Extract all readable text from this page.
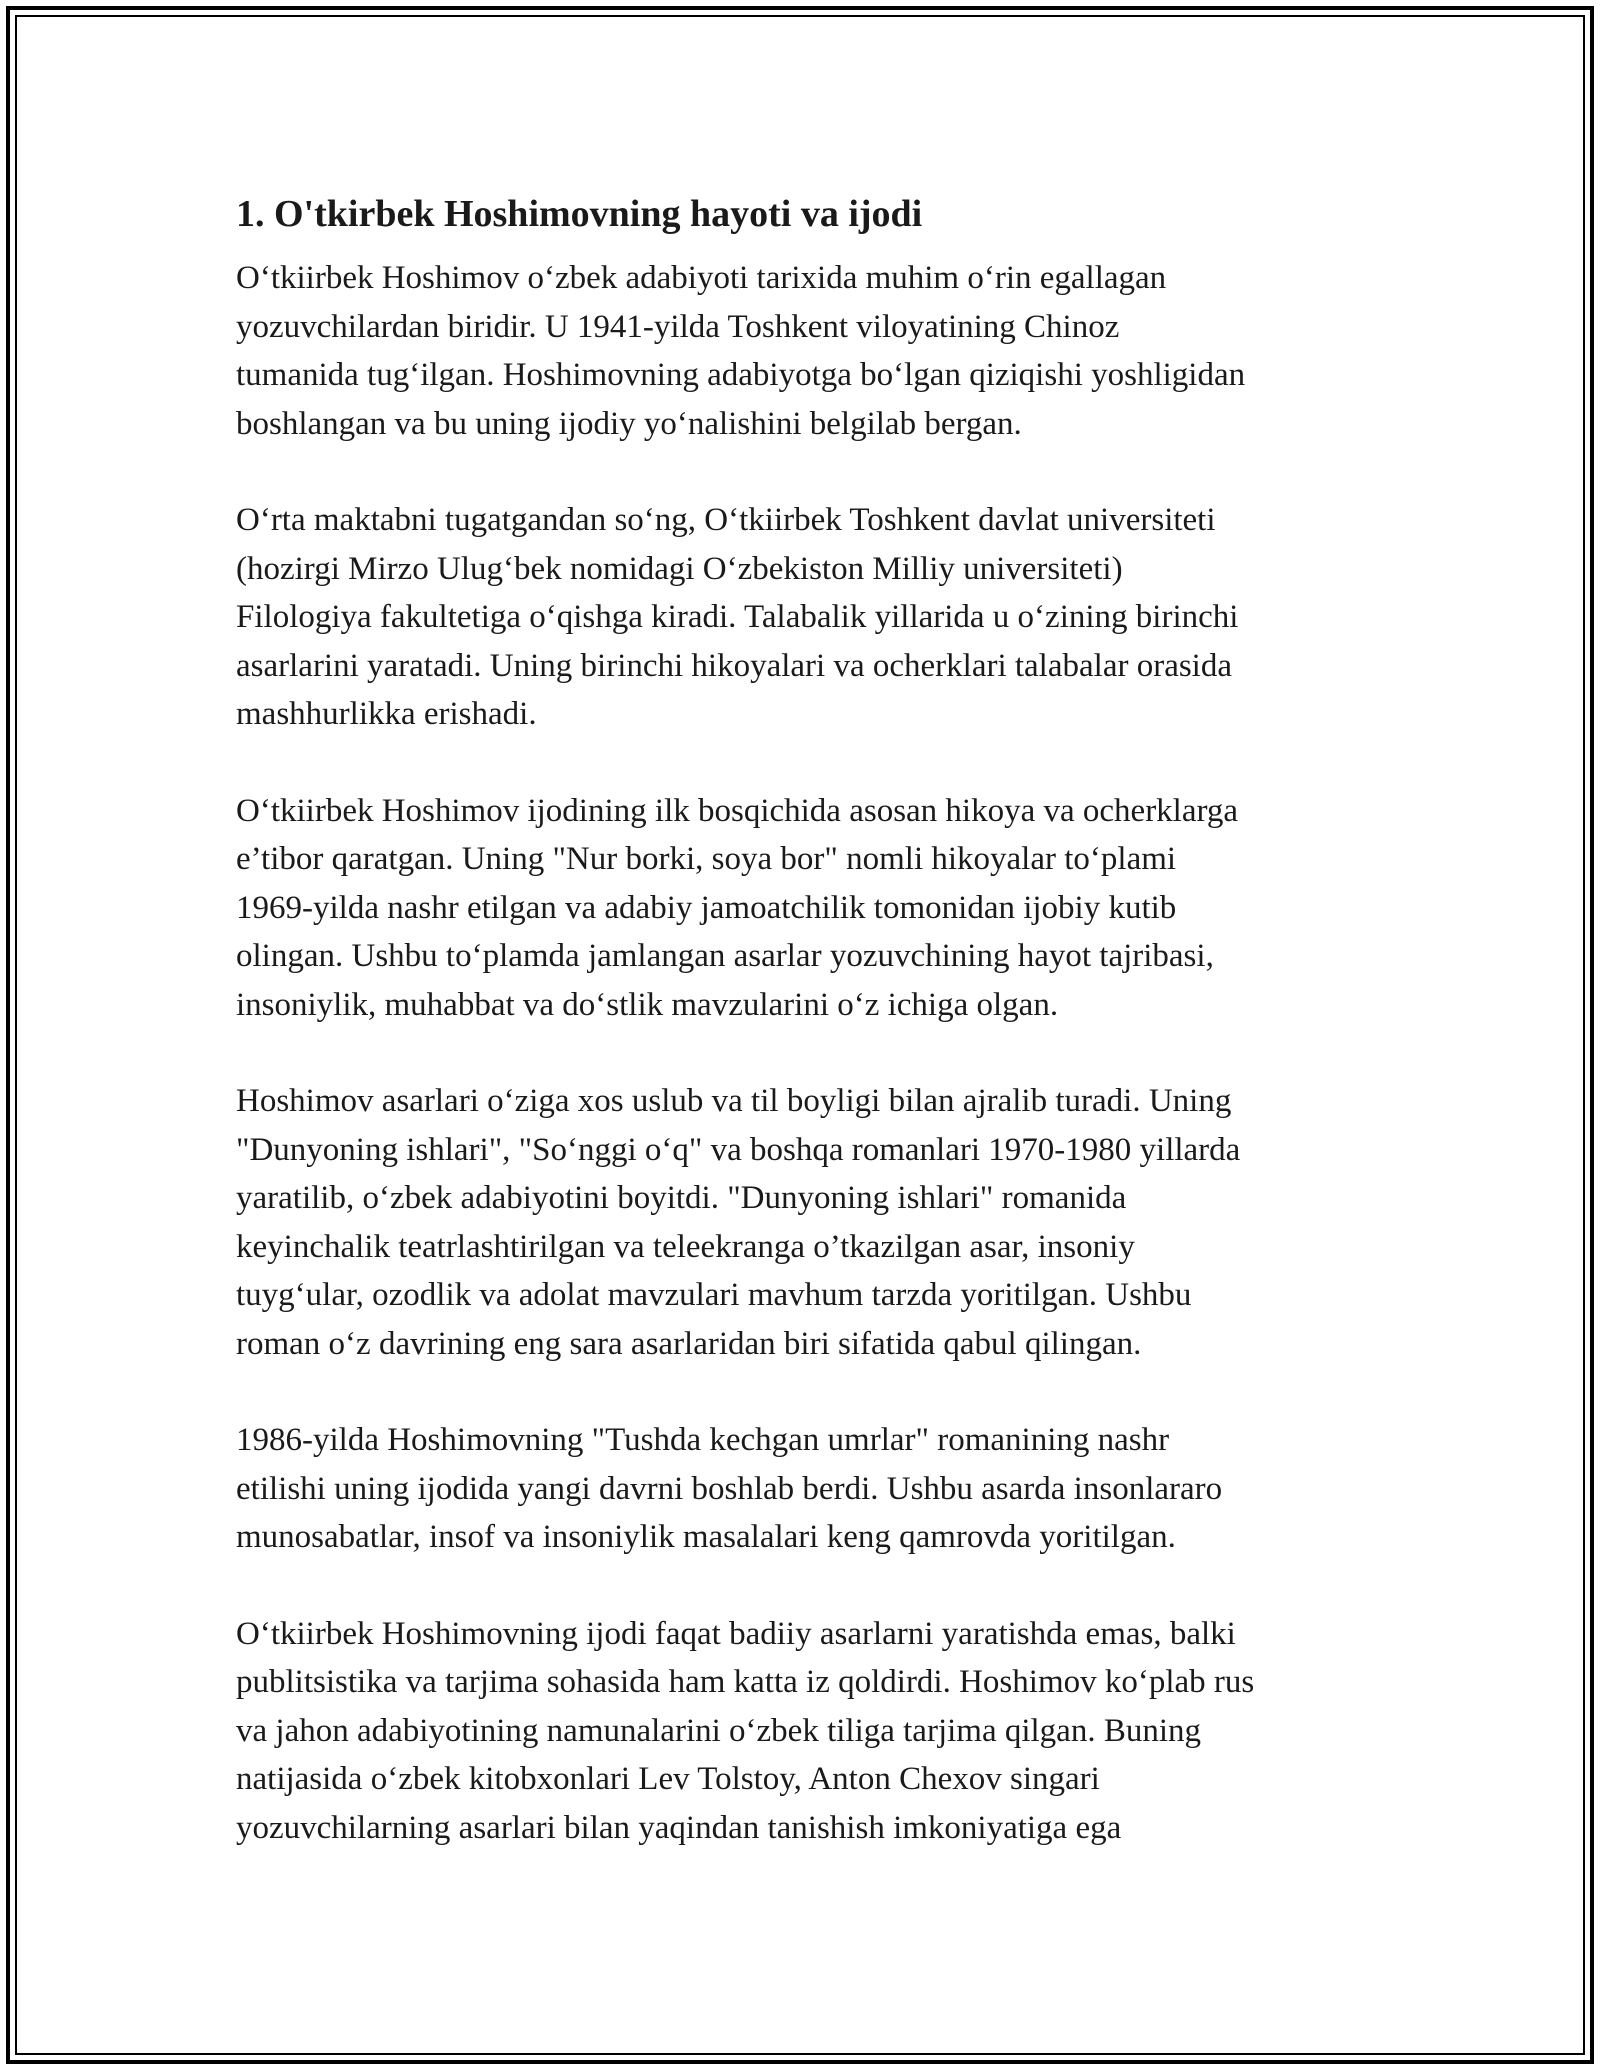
1. O'tkirbek Hoshimovning hayoti va ijodi

O‘tkiirbek Hoshimov o‘zbek adabiyoti tarixida muhim o‘rin egallagan
yozuvchilardan biridir. U 1941-yilda Toshkent viloyatining Chinoz
tumanida tug‘ilgan. Hoshimovning adabiyotga bo‘lgan qiziqishi yoshligidan
boshlangan va bu uning ijodiy yo‘nalishini belgilab bergan.

O‘rta maktabni tugatgandan so‘ng, O‘tkiirbek Toshkent davlat universiteti
(hozirgi Mirzo Ulug‘bek nomidagi O‘zbekiston Milliy universiteti)
Filologiya fakultetiga o‘qishga kiradi. Talabalik yillarida u o‘zining birinchi
asarlarini yaratadi. Uning birinchi hikoyalari va ocherklari talabalar orasida
mashhurlikka erishadi.

O‘tkiirbek Hoshimov ijodining ilk bosqichida asosan hikoya va ocherklarga
e’tibor qaratgan. Uning "Nur borki, soya bor" nomli hikoyalar to‘plami
1969-yilda nashr etilgan va adabiy jamoatchilik tomonidan ijobiy kutib
olingan. Ushbu to‘plamda jamlangan asarlar yozuvchining hayot tajribasi,
insoniylik, muhabbat va do‘stlik mavzularini o‘z ichiga olgan.

Hoshimov asarlari o‘ziga xos uslub va til boyligi bilan ajralib turadi. Uning
"Dunyoning ishlari", "So‘nggi o‘q" va boshqa romanlari 1970-1980 yillarda
yaratilib, o‘zbek adabiyotini boyitdi. "Dunyoning ishlari" romanida
keyinchalik teatrlashtirilgan va teleekranga o’tkazilgan asar, insoniy
tuyg‘ular, ozodlik va adolat mavzulari mavhum tarzda yoritilgan. Ushbu
roman o‘z davrining eng sara asarlaridan biri sifatida qabul qilingan.

1986-yilda Hoshimovning "Tushda kechgan umrlar" romanining nashr
etilishi uning ijodida yangi davrni boshlab berdi. Ushbu asarda insonlararo
munosabatlar, insof va insoniylik masalalari keng qamrovda yoritilgan.

O‘tkiirbek Hoshimovning ijodi faqat badiiy asarlarni yaratishda emas, balki
publitsistika va tarjima sohasida ham katta iz qoldirdi. Hoshimov ko‘plab rus
va jahon adabiyotining namunalarini o‘zbek tiliga tarjima qilgan. Buning
natijasida o‘zbek kitobxonlari Lev Tolstoy, Anton Chexov singari
yozuvchilarning asarlari bilan yaqindan tanishish imkoniyatiga ega
